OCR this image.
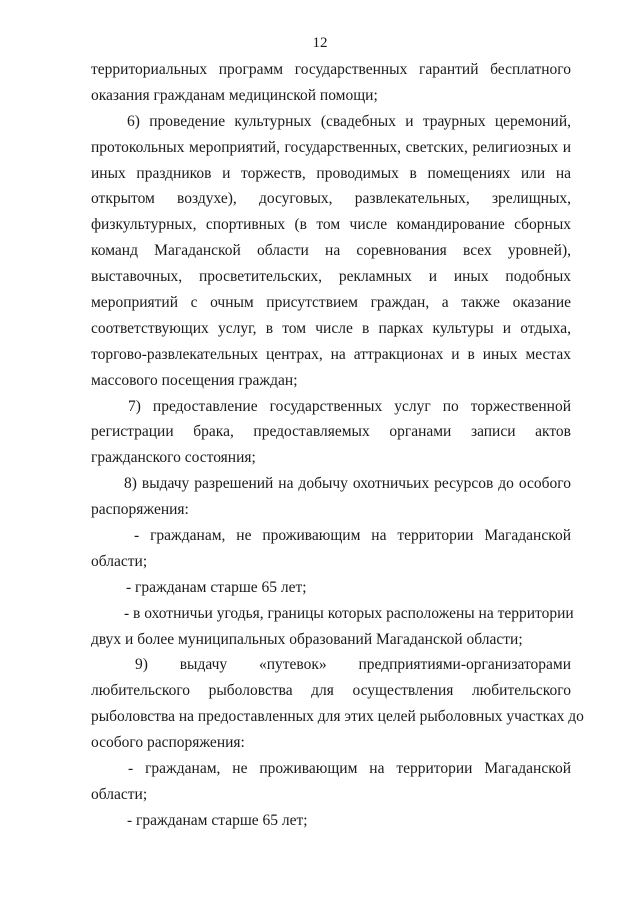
12
территориальных программ государственных гарантий бесплатного
оказания гражданам медицинской помощи;
6) проведение культурных (свадебных и траурных церемоний,
протокольных мероприятий, государственных, светских, религиозных и
иных праздников и торжеств, проводимых в помещениях или на
открытом воздухе), досуговых, развлекательных, зрелищных,
физкультурных, спортивных (в том числе командирование сборных
команд Магаданской области на соревнования всех уровней),
выставочных, просветительских, рекламных и иных подобных
мероприятий с очным присутствием граждан, а также оказание
соответствующих услуг, в том числе в парках культуры и отдыха,
торгово-развлекательных центрах, на аттракционах и в иных местах
массового посещения граждан;
7) предоставление государственных услуг по торжественной
регистрации брака, предоставляемых органами записи актов
гражданского состояния;
8) выдачу разрешений на добычу охотничьих ресурсов до особого
распоряжения:
- гражданам, не проживающим на территории Магаданской
области;
- гражданам старше 65 лет;
- в охотничьи угодья, границы которых расположены на территории
двух и более муниципальных образований Магаданской области;
9) выдачу «путевок» предприятиями-организаторами
любительского рыболовства для осуществления любительского
рыболовства на предоставленных для этих целей рыболовных участках до
особого распоряжения:
- гражданам, не проживающим на территории Магаданской
области;
- гражданам старше 65 лет;
